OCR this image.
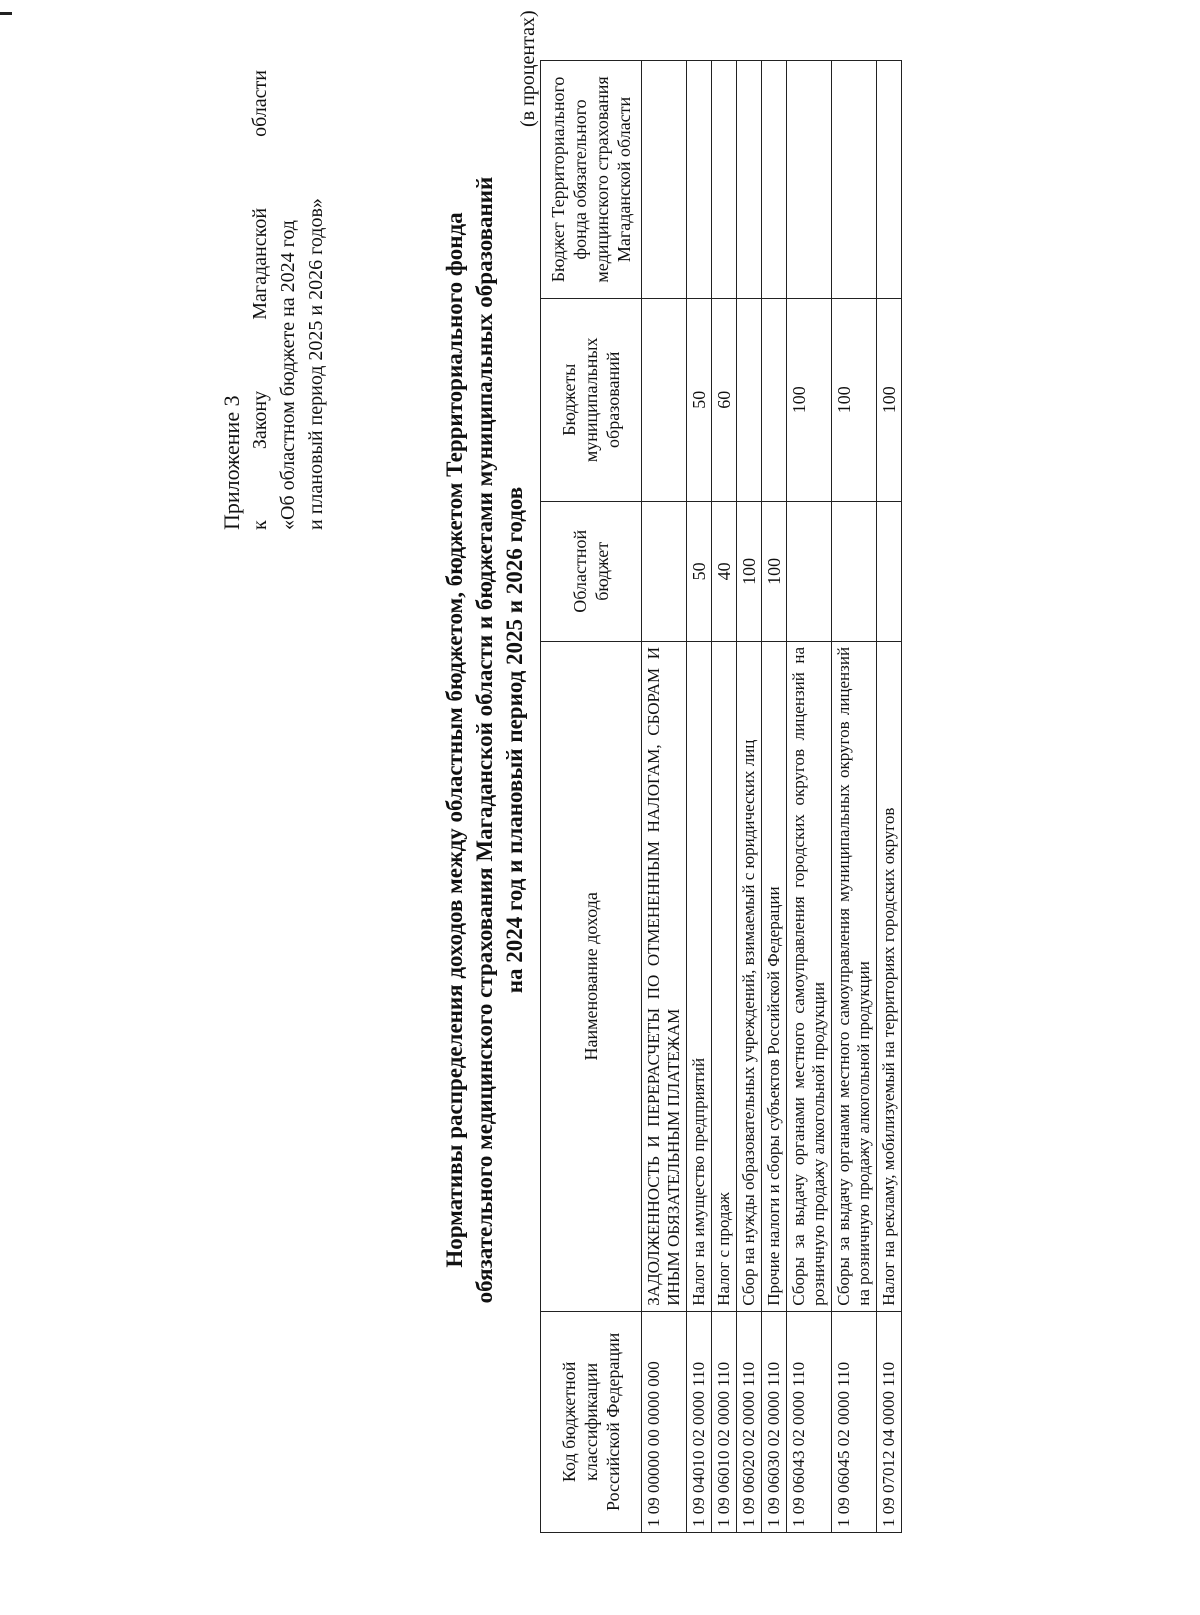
Приложение 3 к
Закону
Магаданской
области
«Об областном бюджете на 2024 год и плановый период 2025 и 2026 годов»	Нормативы распределения доходов между областным бюджетом, бюджетом Территориального фонда обязательного медицинского страхования Магаданской области и бюджетами муниципальных образований на 2024 год и плановый период 2025 и 2026 годов
(в процентах)
Код бюджетной классификации Российской Федерации	Наименование дохода	Областной бюджет	Бюджеты муниципальных образований	Бюджет Территориального фонда обязательного медицинского страхования Магаданской области
1 09 00000 00 0000 000	ЗАДОЛЖЕННОСТЬ И ПЕРЕРАСЧЕТЫ ПО ОТМЕНЕННЫМ НАЛОГАМ, СБОРАМ И ИНЫМ ОБЯЗАТЕЛЬНЫМ ПЛАТЕЖАМ			
1 09 04010 02 0000 110	Налог на имущество предприятий	50	50	
1 09 06010 02 0000 110	Налог с продаж	40	60	
1 09 06020 02 0000 110	Сбор на нужды образовательных учреждений, взимаемый с юридических лиц	100		
1 09 06030 02 0000 110	Прочие налоги и сборы субъектов Российской Федерации	100		
1 09 06043 02 0000 110	Сборы за выдачу органами местного самоуправления городских округов лицензий на розничную продажу алкогольной продукции		100	
1 09 06045 02 0000 110	Сборы за выдачу органами местного самоуправления муниципальных округов лицензий на розничную продажу алкогольной продукции		100	
1 09 07012 04 0000 110	Налог на рекламу, мобилизуемый на территориях городских округов		100	
